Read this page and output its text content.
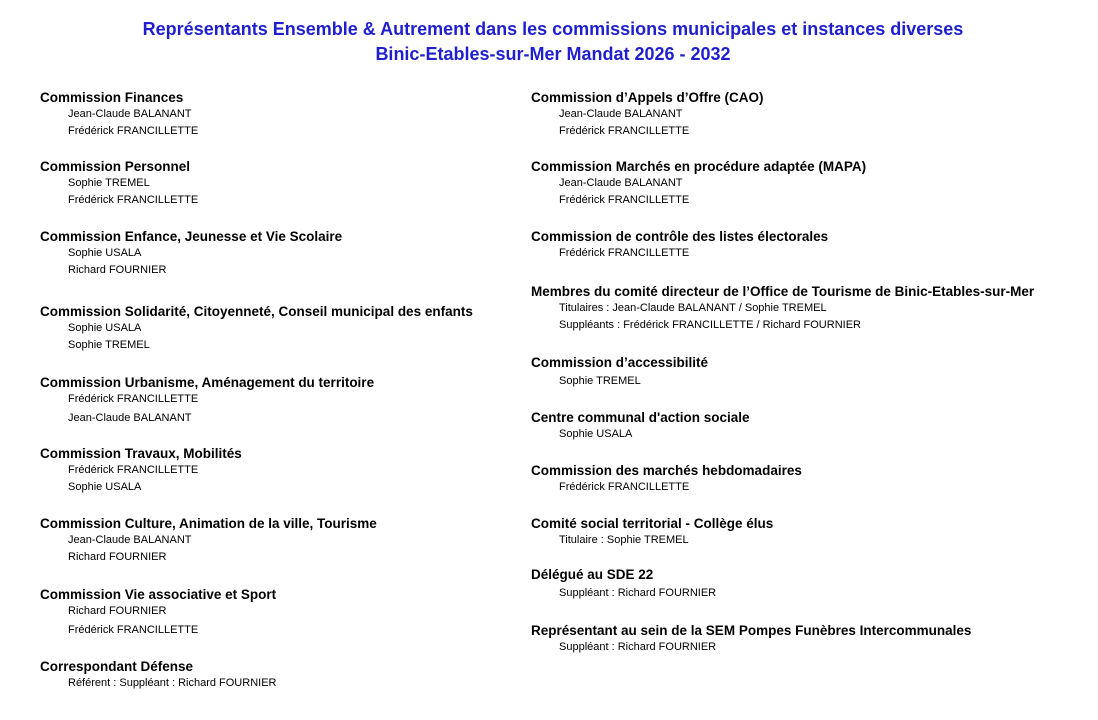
Représentants Ensemble & Autrement dans les commissions municipales et instances diverses
Binic-Etables-sur-Mer Mandat 2026 - 2032
Commission Finances
Jean-Claude BALANANT
Frédérick FRANCILLETTE
Commission Personnel
Sophie TREMEL
Frédérick FRANCILLETTE
Commission Enfance, Jeunesse et Vie Scolaire
Sophie USALA
Richard FOURNIER
Commission Solidarité, Citoyenneté, Conseil municipal des enfants
Sophie USALA
Sophie TREMEL
Commission Urbanisme, Aménagement du territoire
Frédérick FRANCILLETTE
Jean-Claude BALANANT
Commission Travaux, Mobilités
Frédérick FRANCILLETTE
Sophie USALA
Commission Culture, Animation de la ville, Tourisme
Jean-Claude BALANANT
Richard FOURNIER
Commission Vie associative et Sport
Richard FOURNIER
Frédérick FRANCILLETTE
Correspondant Défense
Référent : Suppléant : Richard FOURNIER
Commission d’Appels d’Offre (CAO)
Jean-Claude BALANANT
Frédérick FRANCILLETTE
Commission Marchés en procédure adaptée (MAPA)
Jean-Claude BALANANT
Frédérick FRANCILLETTE
Commission de contrôle des listes électorales
Frédérick FRANCILLETTE
Membres du comité directeur de l’Office de Tourisme de Binic-Etables-sur-Mer
Titulaires : Jean-Claude BALANANT / Sophie TREMEL
Suppléants : Frédérick FRANCILLETTE / Richard FOURNIER
Commission d’accessibilité
Sophie TREMEL
Centre communal d'action sociale
Sophie USALA
Commission des marchés hebdomadaires
Frédérick FRANCILLETTE
Comité social territorial - Collège élus
Titulaire : Sophie TREMEL
Délégué au SDE 22
Suppléant : Richard FOURNIER
Représentant au sein de la SEM Pompes Funèbres Intercommunales
Suppléant : Richard FOURNIER
